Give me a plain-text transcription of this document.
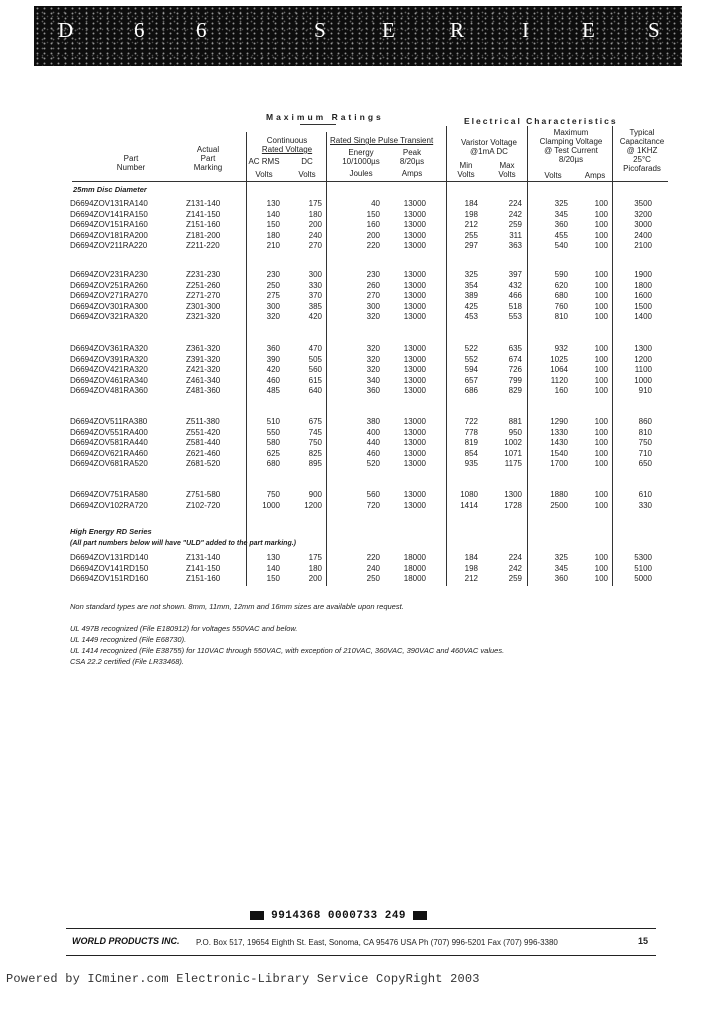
D	6 6	S	E	R	I E S
Maximum Ratings	Electrical Characteristics
Part
Number
Actual
Part
Marking
Continuous
Rated Voltage
AC RMS
Volts
DC
Volts
Rated Single Pulse Transient
Energy
10/1000µs
Joules
Peak
8/20µs
Amps
Varistor Voltage
@1mA DC
Min
Volts
Max
Volts
Maximum
Clamping Voltage
@ Test Current
8/20µs
Volts	Amps
Typical
Capacitance
@ 1KHZ
25°C
Picofarads
25mm Disc Diameter
D6694ZOV131RA140	Z131-140	130	175	40	13000	184	224	325	100	3500
D6694ZOV141RA150	Z141-150	140	180	150	13000	198	242	345	100	3200
D6694ZOV151RA160	Z151-160	150	200	160	13000	212	259	360	100	3000
D6694ZOV181RA200	Z181-200	180	240	200	13000	255	311	455	100	2400
D6694ZOV211RA220	Z211-220	210	270	220	13000	297	363	540	100	2100
D6694ZOV231RA230	Z231-230	230	300	230	13000	325	397	590	100	1900
D6694ZOV251RA260	Z251-260	250	330	260	13000	354	432	620	100	1800
D6694ZOV271RA270	Z271-270	275	370	270	13000	389	466	680	100	1600
D6694ZOV301RA300	Z301-300	300	385	300	13000	425	518	760	100	1500
D6694ZOV321RA320	Z321-320	320	420	320	13000	453	553	810	100	1400
D6694ZOV361RA320	Z361-320	360	470	320	13000	522	635	932	100	1300
D6694ZOV391RA320	Z391-320	390	505	320	13000	552	674	1025	100	1200
D6694ZOV421RA320	Z421-320	420	560	320	13000	594	726	1064	100	1100
D6694ZOV461RA340	Z461-340	460	615	340	13000	657	799	1120	100	1000
D6694ZOV481RA360	Z481-360	485	640	360	13000	686	829	160	100	910
D6694ZOV511RA380	Z511-380	510	675	380	13000	722	881	1290	100	860
D6694ZOV551RA400	Z551-420	550	745	400	13000	778	950	1330	100	810
D6694ZOV581RA440	Z581-440	580	750	440	13000	819	1002	1430	100	750
D6694ZOV621RA460	Z621-460	625	825	460	13000	854	1071	1540	100	710
D6694ZOV681RA520	Z681-520	680	895	520	13000	935	1175	1700	100	650
D6694ZOV751RA580	Z751-580	750	900	560	13000	1080	1300	1880	100	610
D6694ZOV102RA720	Z102-720	1000	1200	720	13000	1414	1728	2500	100	330
D6694ZOV131RD140	Z131-140	130	175	220	18000	184	224	325	100	5300
D6694ZOV141RD150	Z141-150	140	180	240	18000	198	242	345	100	5100
D6694ZOV151RD160	Z151-160	150	200	250	18000	212	259	360	100	5000
High Energy RD Series
(All part numbers below will have "ULD" added to the part marking.)
Non standard types are not shown. 8mm, 11mm, 12mm and 16mm sizes are available upon request.
UL 497B recognized (File E180912) for voltages 550VAC and below.
UL 1449 recognized (File E68730).
UL 1414 recognized (File E38755) for 110VAC through 550VAC, with exception of 210VAC, 360VAC, 390VAC and 460VAC values.
CSA 22.2 certified (File LR33468).
9914368 0000733 249
WORLD PRODUCTS INC. P.O. Box 517, 19654 Eighth St. East, Sonoma, CA 95476 USA Ph (707) 996-5201 Fax (707) 996-3380	15
Powered by ICminer.com Electronic-Library Service CopyRight 2003
